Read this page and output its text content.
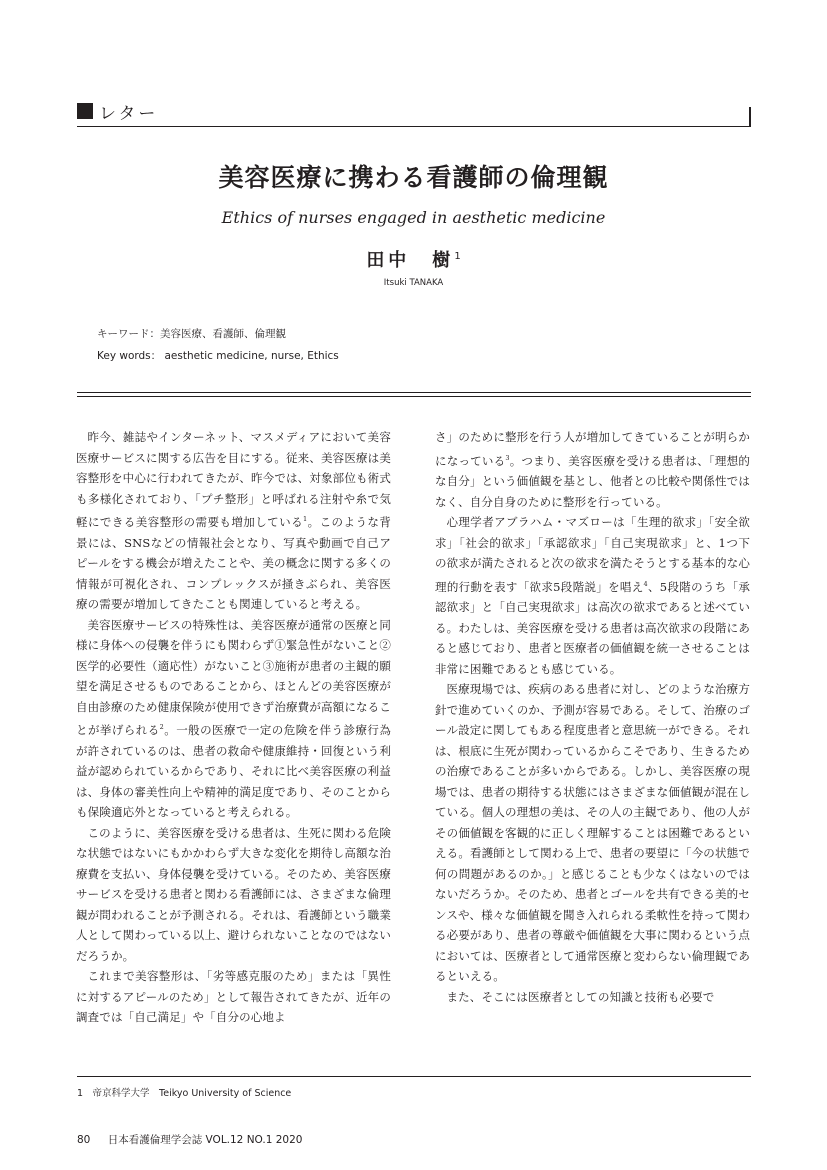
レター
美容医療に携わる看護師の倫理観
Ethics of nurses engaged in aesthetic medicine
田中　樹$^1$
Itsuki TANAKA
キーワード：美容医療、看護師、倫理観
Key words： aesthetic medicine, nurse, Ethics

昨今、雑誌やインターネット、マスメディアにおいて美容医療サービスに関する広告を目にする。従来、美容医療は美容整形を中心に行われてきたが、昨今では、対象部位も術式も多様化されており、「プチ整形」と呼ばれる注射や糸で気軽にできる美容整形の需要も増加している$^1$。このような背景には、SNSなどの情報社会となり、写真や動画で自己アピールをする機会が増えたことや、美の概念に関する多くの情報が可視化され、コンプレックスが掻きぶられ、美容医療の需要が増加してきたことも関連していると考える。

美容医療サービスの特殊性は、美容医療が通常の医療と同様に身体への侵襲を伴うにも関わらず①緊急性がないこと②医学的必要性（適応性）がないこと③施術が患者の主観的願望を満足させるものであることから、ほとんどの美容医療が自由診療のため健康保険が使用できず治療費が高額になることが挙げられる$^2$。一般の医療で一定の危険を伴う診療行為が許されているのは、患者の救命や健康維持・回復という利益が認められているからであり、それに比べ美容医療の利益は、身体の審美性向上や精神的満足度であり、そのことからも保険適応外となっていると考えられる。

このように、美容医療を受ける患者は、生死に関わる危険な状態ではないにもかかわらず大きな変化を期待し高額な治療費を支払い、身体侵襲を受けている。そのため、美容医療サービスを受ける患者と関わる看護師には、さまざまな倫理観が問われることが予測される。それは、看護師という職業人として関わっている以上、避けられないことなのではないだろうか。

これまで美容整形は、「劣等感克服のため」または「異性に対するアピールのため」として報告されてきたが、近年の調査では「自己満足」や「自分の心地よ

さ」のために整形を行う人が増加してきていることが明らかになっている$^3$。つまり、美容医療を受ける患者は、「理想的な自分」という価値観を基とし、他者との比較や関係性ではなく、自分自身のために整形を行っている。

心理学者アブラハム・マズローは「生理的欲求」「安全欲求」「社会的欲求」「承認欲求」「自己実現欲求」と、1つ下の欲求が満たされると次の欲求を満たそうとする基本的な心理的行動を表す「欲求5段階説」を唱え$^4$、5段階のうち「承認欲求」と「自己実現欲求」は高次の欲求であると述べている。わたしは、美容医療を受ける患者は高次欲求の段階にあると感じており、患者と医療者の価値観を統一させることは非常に困難であるとも感じている。

医療現場では、疾病のある患者に対し、どのような治療方針で進めていくのか、予測が容易である。そして、治療のゴール設定に関してもある程度患者と意思統一ができる。それは、根底に生死が関わっているからこそであり、生きるための治療であることが多いからである。しかし、美容医療の現場では、患者の期待する状態にはさまざまな価値観が混在している。個人の理想の美は、その人の主観であり、他の人がその価値観を客観的に正しく理解することは困難であるといえる。看護師として関わる上で、患者の要望に「今の状態で何の問題があるのか。」と感じることも少なくはないのではないだろうか。そのため、患者とゴールを共有できる美的センスや、様々な価値観を聞き入れられる柔軟性を持って関わる必要があり、患者の尊厳や価値観を大事に関わるという点においては、医療者として通常医療と変わらない倫理観であるといえる。

また、そこには医療者としての知識と技術も必要で

1　帝京科学大学　Teikyo University of Science
80 日本看護倫理学会誌 VOL.12 NO.1 2020
